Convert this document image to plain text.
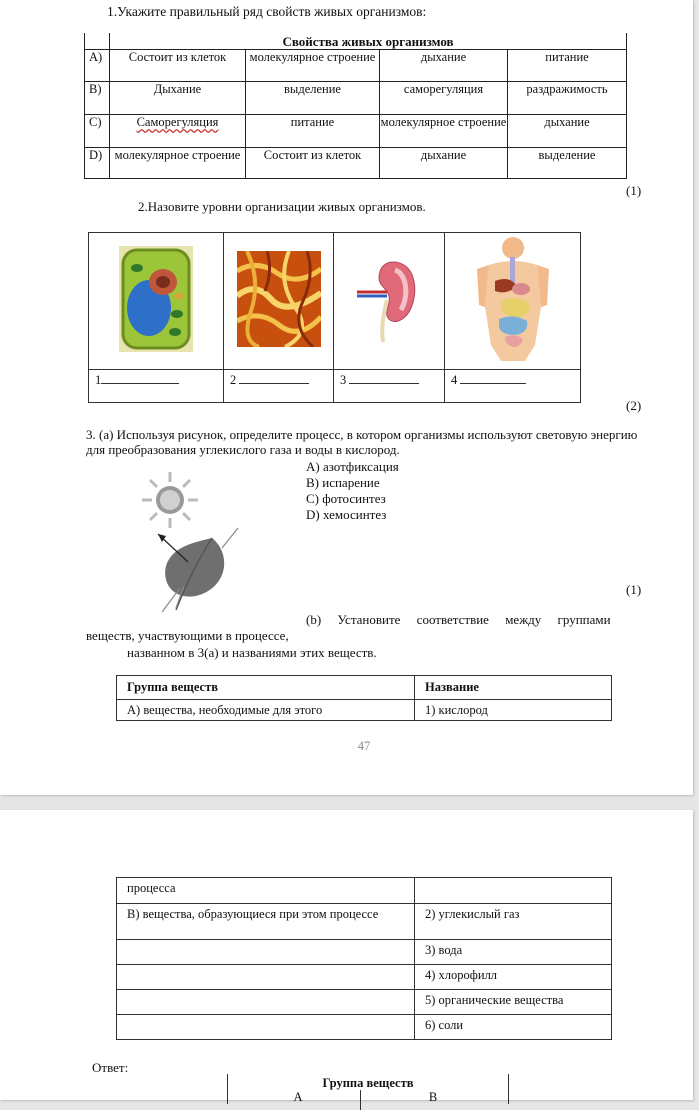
1.Укажите правильный ряд свойств живых организмов:
	Свойства живых организмов			
A)	Состоит из клеток	молекулярное строение	дыхание	питание
B)	Дыхание	выделение	саморегуляция	раздражимость
C)	Саморегуляция	питание	молекулярное строение	дыхание
D)	молекулярное строение	Состоит из клеток	дыхание	выделение
(1)
2.Назовите уровни организации живых организмов.

1	2	3	4
(2)
3. (a) Используя рисунок, определите процесс, в котором организмы используют световую энергию для преобразования углекислого газа и воды в кислород.
A) азотфиксация
B) испарение
C) фотосинтез
D) хемосинтез
(1)
(b)     Установите     соответствие     между     группами
веществ, участвующими в процессе,
названном в 3(a) и названиями этих веществ.
Группа веществ	Название
А) вещества, необходимые для этого	1) кислород
47
процесса	
В) вещества, образующиеся при этом процессе	2) углекислый газ
	3) вода
	4) хлорофилл
	5) органические вещества
	6) соли
Ответ:
Группа веществ
А	В
